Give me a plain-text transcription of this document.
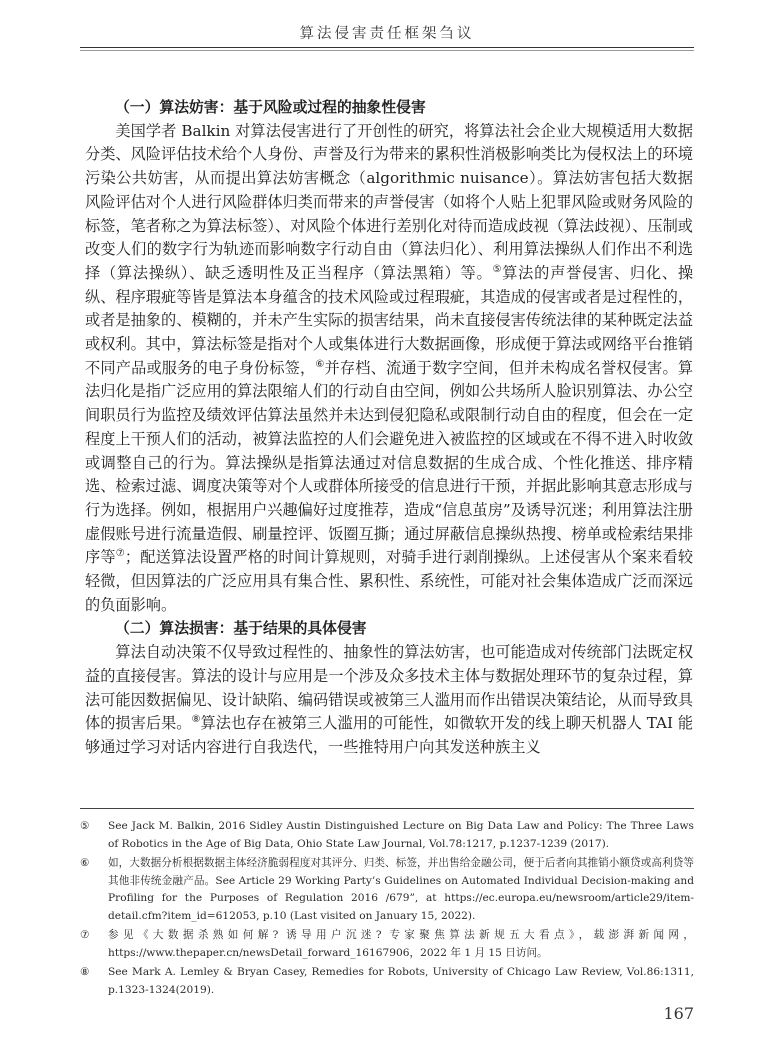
算法侵害责任框架刍议

（一）算法妨害：基于风险或过程的抽象性侵害

美国学者 Balkin 对算法侵害进行了开创性的研究，将算法社会企业大规模适用大数据分类、风险评估技术给个人身份、声誉及行为带来的累积性消极影响类比为侵权法上的环境污染公共妨害，从而提出算法妨害概念（algorithmic nuisance）。算法妨害包括大数据风险评估对个人进行风险群体归类而带来的声誉侵害（如将个人贴上犯罪风险或财务风险的标签，笔者称之为算法标签）、对风险个体进行差别化对待而造成歧视（算法歧视）、压制或改变人们的数字行为轨迹而影响数字行动自由（算法归化）、利用算法操纵人们作出不利选择（算法操纵）、缺乏透明性及正当程序（算法黑箱）等。⑤算法的声誉侵害、归化、操纵、程序瑕疵等皆是算法本身蕴含的技术风险或过程瑕疵，其造成的侵害或者是过程性的，或者是抽象的、模糊的，并未产生实际的损害结果，尚未直接侵害传统法律的某种既定法益或权利。其中，算法标签是指对个人或集体进行大数据画像，形成便于算法或网络平台推销不同产品或服务的电子身份标签，⑥并存档、流通于数字空间，但并未构成名誉权侵害。算法归化是指广泛应用的算法限缩人们的行动自由空间，例如公共场所人脸识别算法、办公空间职员行为监控及绩效评估算法虽然并未达到侵犯隐私或限制行动自由的程度，但会在一定程度上干预人们的活动，被算法监控的人们会避免进入被监控的区域或在不得不进入时收敛或调整自己的行为。算法操纵是指算法通过对信息数据的生成合成、个性化推送、排序精选、检索过滤、调度决策等对个人或群体所接受的信息进行干预，并据此影响其意志形成与行为选择。例如，根据用户兴趣偏好过度推荐，造成“信息茧房”及诱导沉迷；利用算法注册虚假账号进行流量造假、刷量控评、饭圈互撕；通过屏蔽信息操纵热搜、榜单或检索结果排序等⑦；配送算法设置严格的时间计算规则，对骑手进行剥削操纵。上述侵害从个案来看较轻微，但因算法的广泛应用具有集合性、累积性、系统性，可能对社会集体造成广泛而深远的负面影响。

（二）算法损害：基于结果的具体侵害

算法自动决策不仅导致过程性的、抽象性的算法妨害，也可能造成对传统部门法既定权益的直接侵害。算法的设计与应用是一个涉及众多技术主体与数据处理环节的复杂过程，算法可能因数据偏见、设计缺陷、编码错误或被第三人滥用而作出错误决策结论，从而导致具体的损害后果。⑧算法也存在被第三人滥用的可能性，如微软开发的线上聊天机器人 TAI 能够通过学习对话内容进行自我迭代，一些推特用户向其发送种族主义

⑤	See Jack M. Balkin, 2016 Sidley Austin Distinguished Lecture on Big Data Law and Policy: The Three Laws of Robotics in the Age of Big Data, Ohio State Law Journal, Vol.78:1217, p.1237-1239 (2017).
⑥	如，大数据分析根据数据主体经济脆弱程度对其评分、归类、标签，并出售给金融公司，便于后者向其推销小额贷或高利贷等其他非传统金融产品。See Article 29 Working Party’s Guidelines on Automated Individual Decision-making and Profiling for the Purposes of Regulation 2016 /679”, at https://ec.europa.eu/newsroom/article29/item-detail.cfm?item_id=612053, p.10 (Last visited on January 15, 2022).
⑦	参见《大数据杀熟如何解? 诱导用户沉迷? 专家聚焦算法新规五大看点》，载澎湃新闻网，https://www.thepaper.cn/newsDetail_forward_16167906，2022 年 1 月 15 日访问。
⑧	See Mark A. Lemley & Bryan Casey, Remedies for Robots, University of Chicago Law Review, Vol.86:1311, p.1323-1324(2019).
167
